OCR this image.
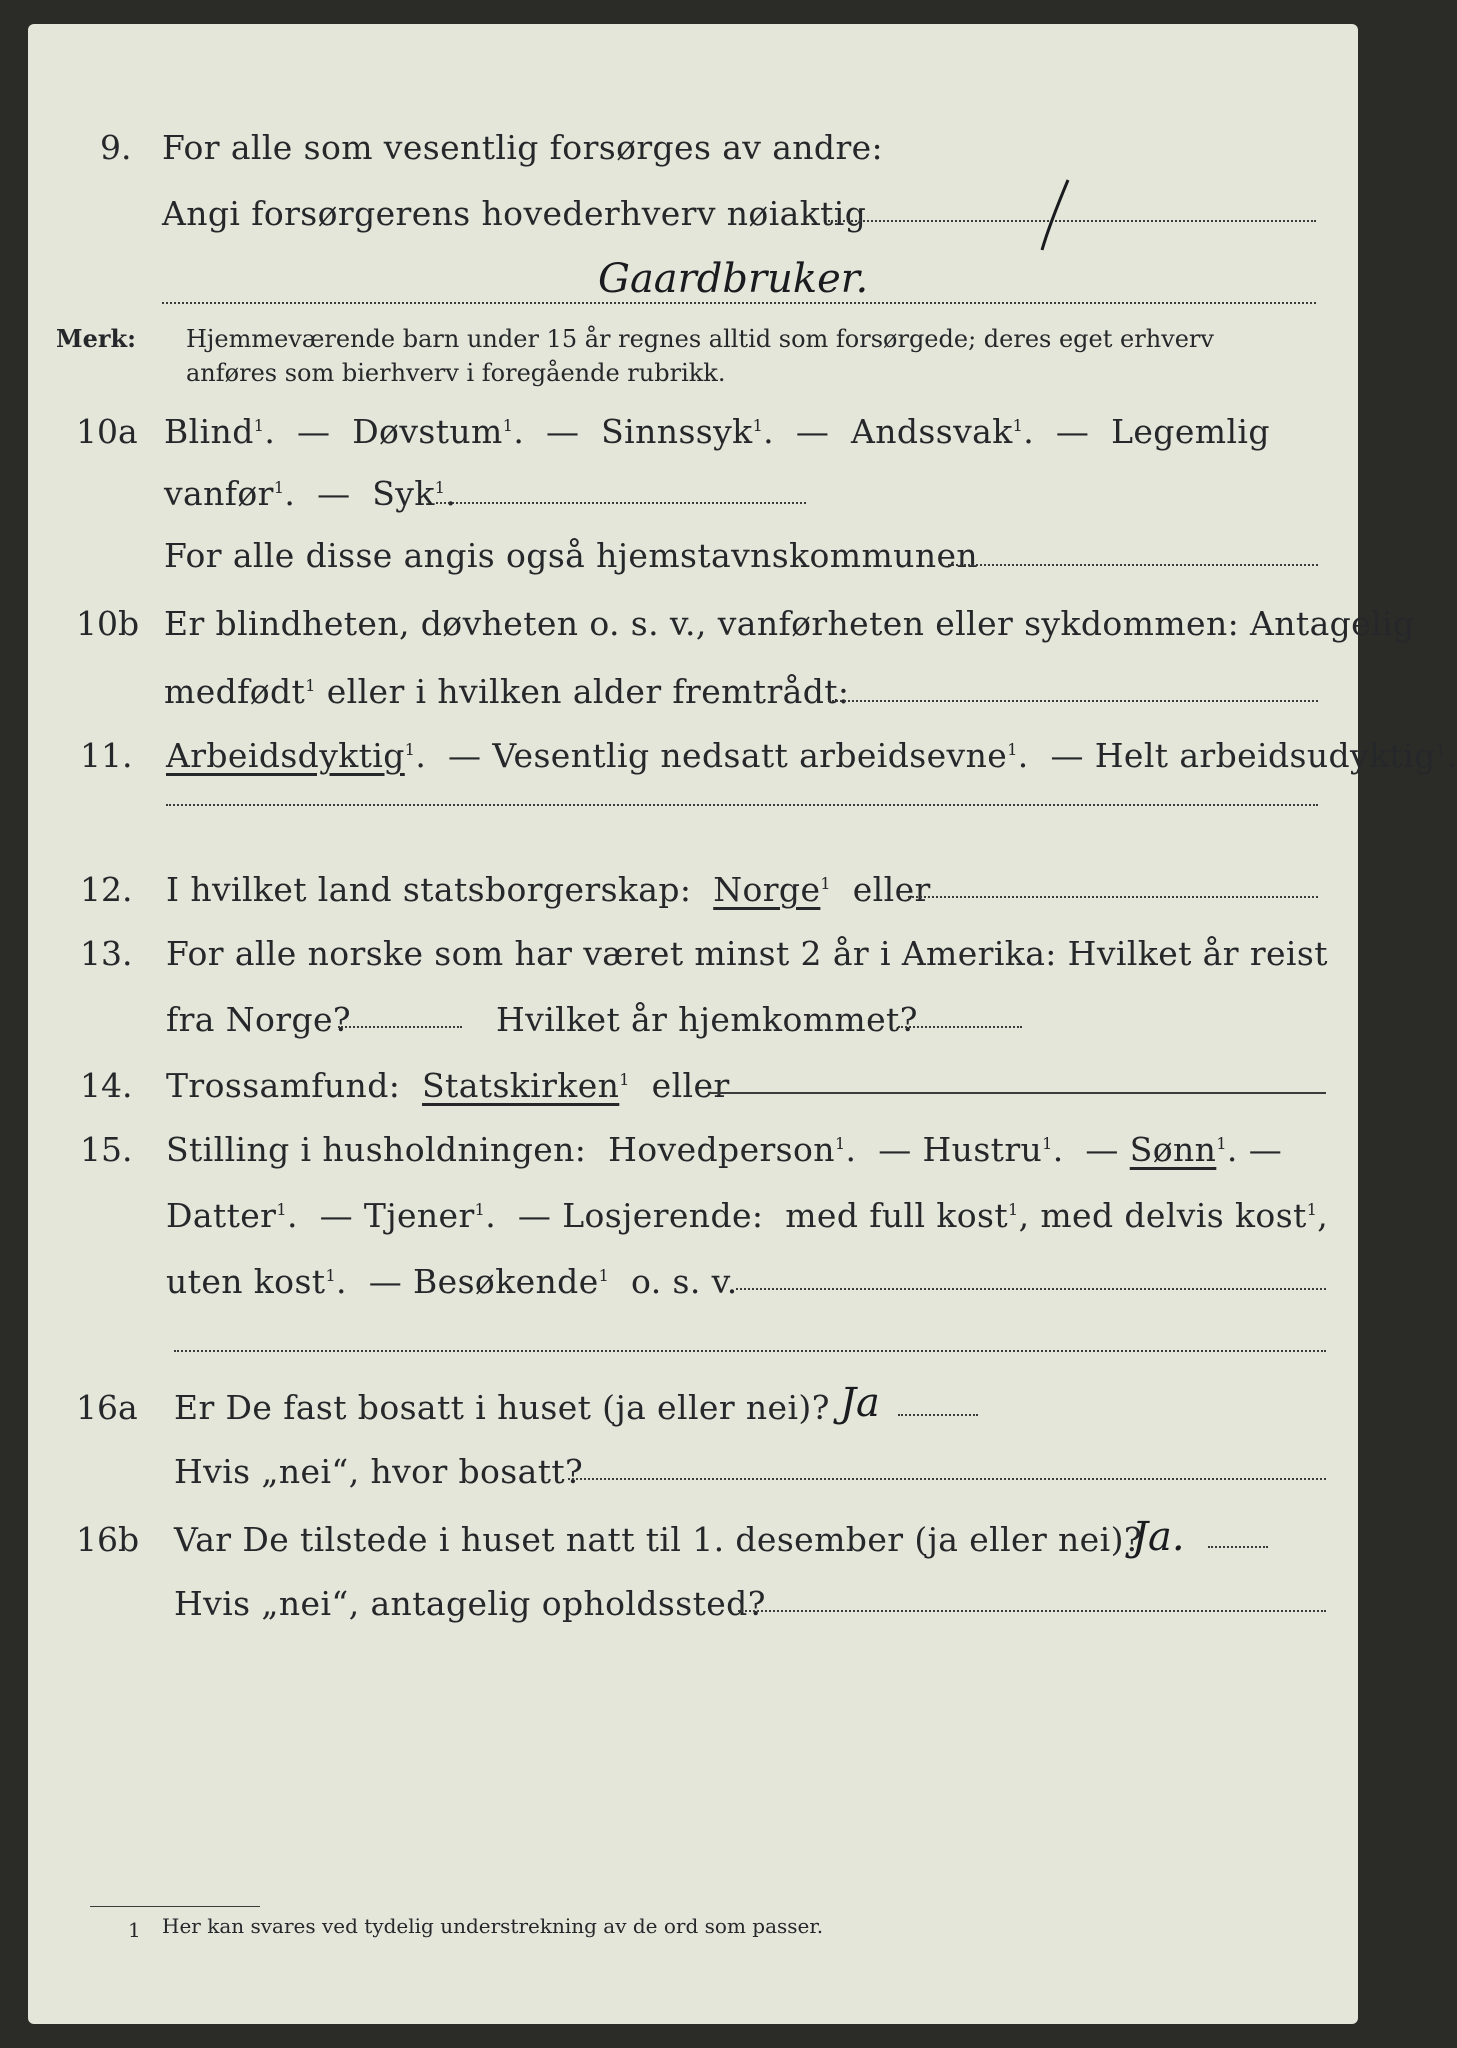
9. For alle som vesentlig forsørges av andre:
Angi forsørgerens hovederhverv nøiaktig
Gaardbruker.
Merk: Hjemmeværende barn under 15 år regnes alltid som forsørgede; deres eget erhverv
anføres som bierhverv i foregående rubrikk.
10a Blind$^1$.  — Døvstum$^1$.  — Sinnssyk$^1$.  — Andssvak$^1$.  — Legemlig
vanfør$^1$.  — Syk$^1$.
For alle disse angis også hjemstavnskommunen
10b Er blindheten, døvheten o. s. v., vanførheten eller sykdommen: Antagelig
medfødt$^1$ eller i hvilken alder fremtrådt:
11. Arbeidsdyktig$^1$.  — Vesentlig nedsatt arbeidsevne$^1$.  — Helt arbeidsudyktig$^1$.
12. I hvilket land statsborgerskap: Norge$^1$ eller
13. For alle norske som har været minst 2 år i Amerika: Hvilket år reist
fra Norge?	Hvilket år hjemkommet?
14. Trossamfund: Statskirken$^1$ eller
15. Stilling i husholdningen: Hovedperson$^1$.  — Hustru$^1$.  — Sønn$^1$. —
Datter$^1$.  — Tjener$^1$.  — Losjerende: med full kost$^1$, med delvis kost$^1$,
uten kost$^1$.  — Besøkende$^1$ o. s. v.
16a Er De fast bosatt i huset (ja eller nei)? Ja
Hvis „nei“, hvor bosatt?
16b Var De tilstede i huset natt til 1. desember (ja eller nei)?
Ja.
Hvis „nei“, antagelig opholdssted?
1 Her kan svares ved tydelig understrekning av de ord som passer.
